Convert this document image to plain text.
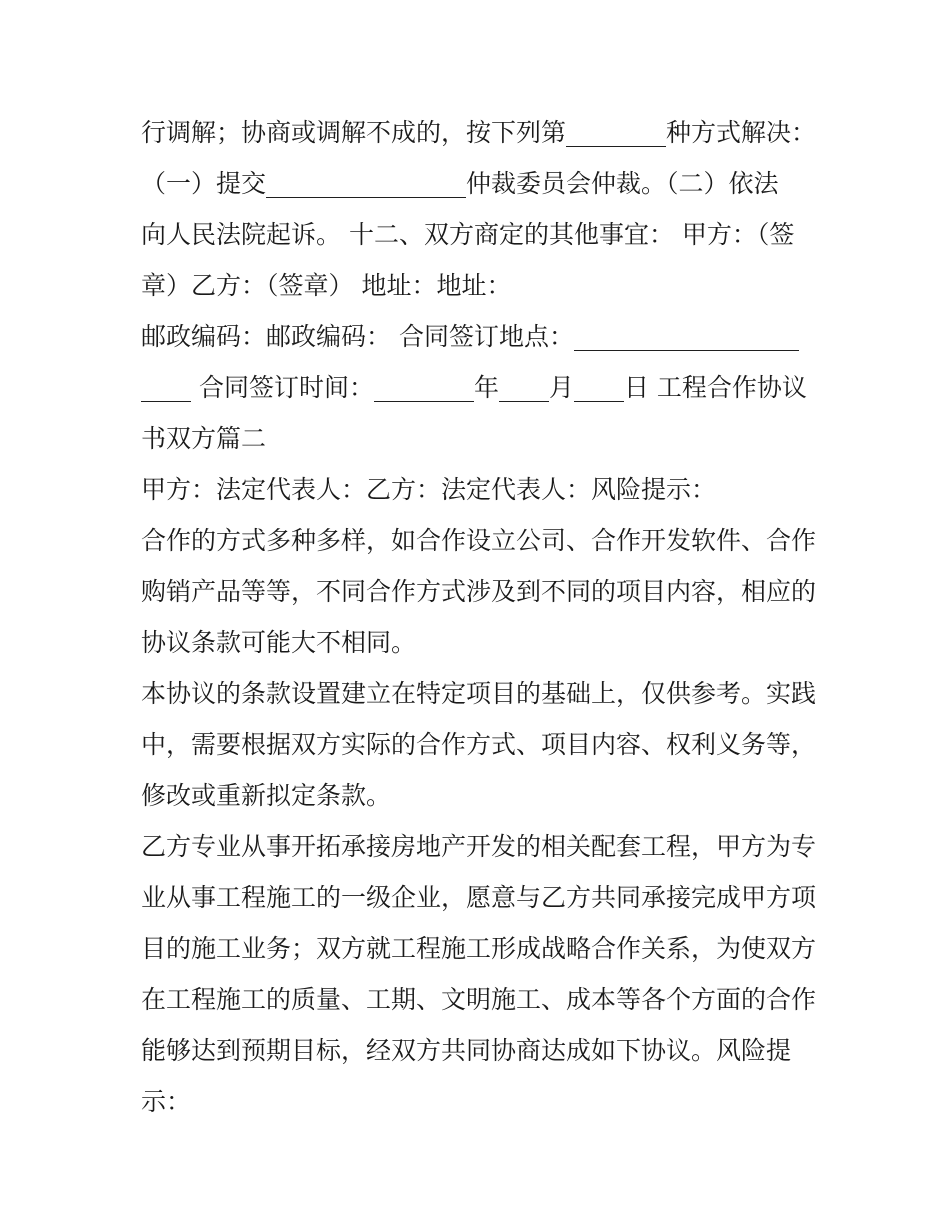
行调解；协商或调解不成的，按下列第________种方式解决：
（一）提交________________仲裁委员会仲裁。（二）依法
向人民法院起诉。 十二、双方商定的其他事宜： 甲方：（签
章）乙方：（签章） 地址：地址：
邮政编码：邮政编码： 合同签订地点：__________________
____ 合同签订时间：________年____月____日 工程合作协议
书双方篇二
甲方：法定代表人：乙方：法定代表人：风险提示：
合作的方式多种多样，如合作设立公司、合作开发软件、合作
购销产品等等，不同合作方式涉及到不同的项目内容，相应的
协议条款可能大不相同。
本协议的条款设置建立在特定项目的基础上，仅供参考。实践
中，需要根据双方实际的合作方式、项目内容、权利义务等，
修改或重新拟定条款。
乙方专业从事开拓承接房地产开发的相关配套工程，甲方为专
业从事工程施工的一级企业，愿意与乙方共同承接完成甲方项
目的施工业务；双方就工程施工形成战略合作关系，为使双方
在工程施工的质量、工期、文明施工、成本等各个方面的合作
能够达到预期目标，经双方共同协商达成如下协议。风险提
示：
